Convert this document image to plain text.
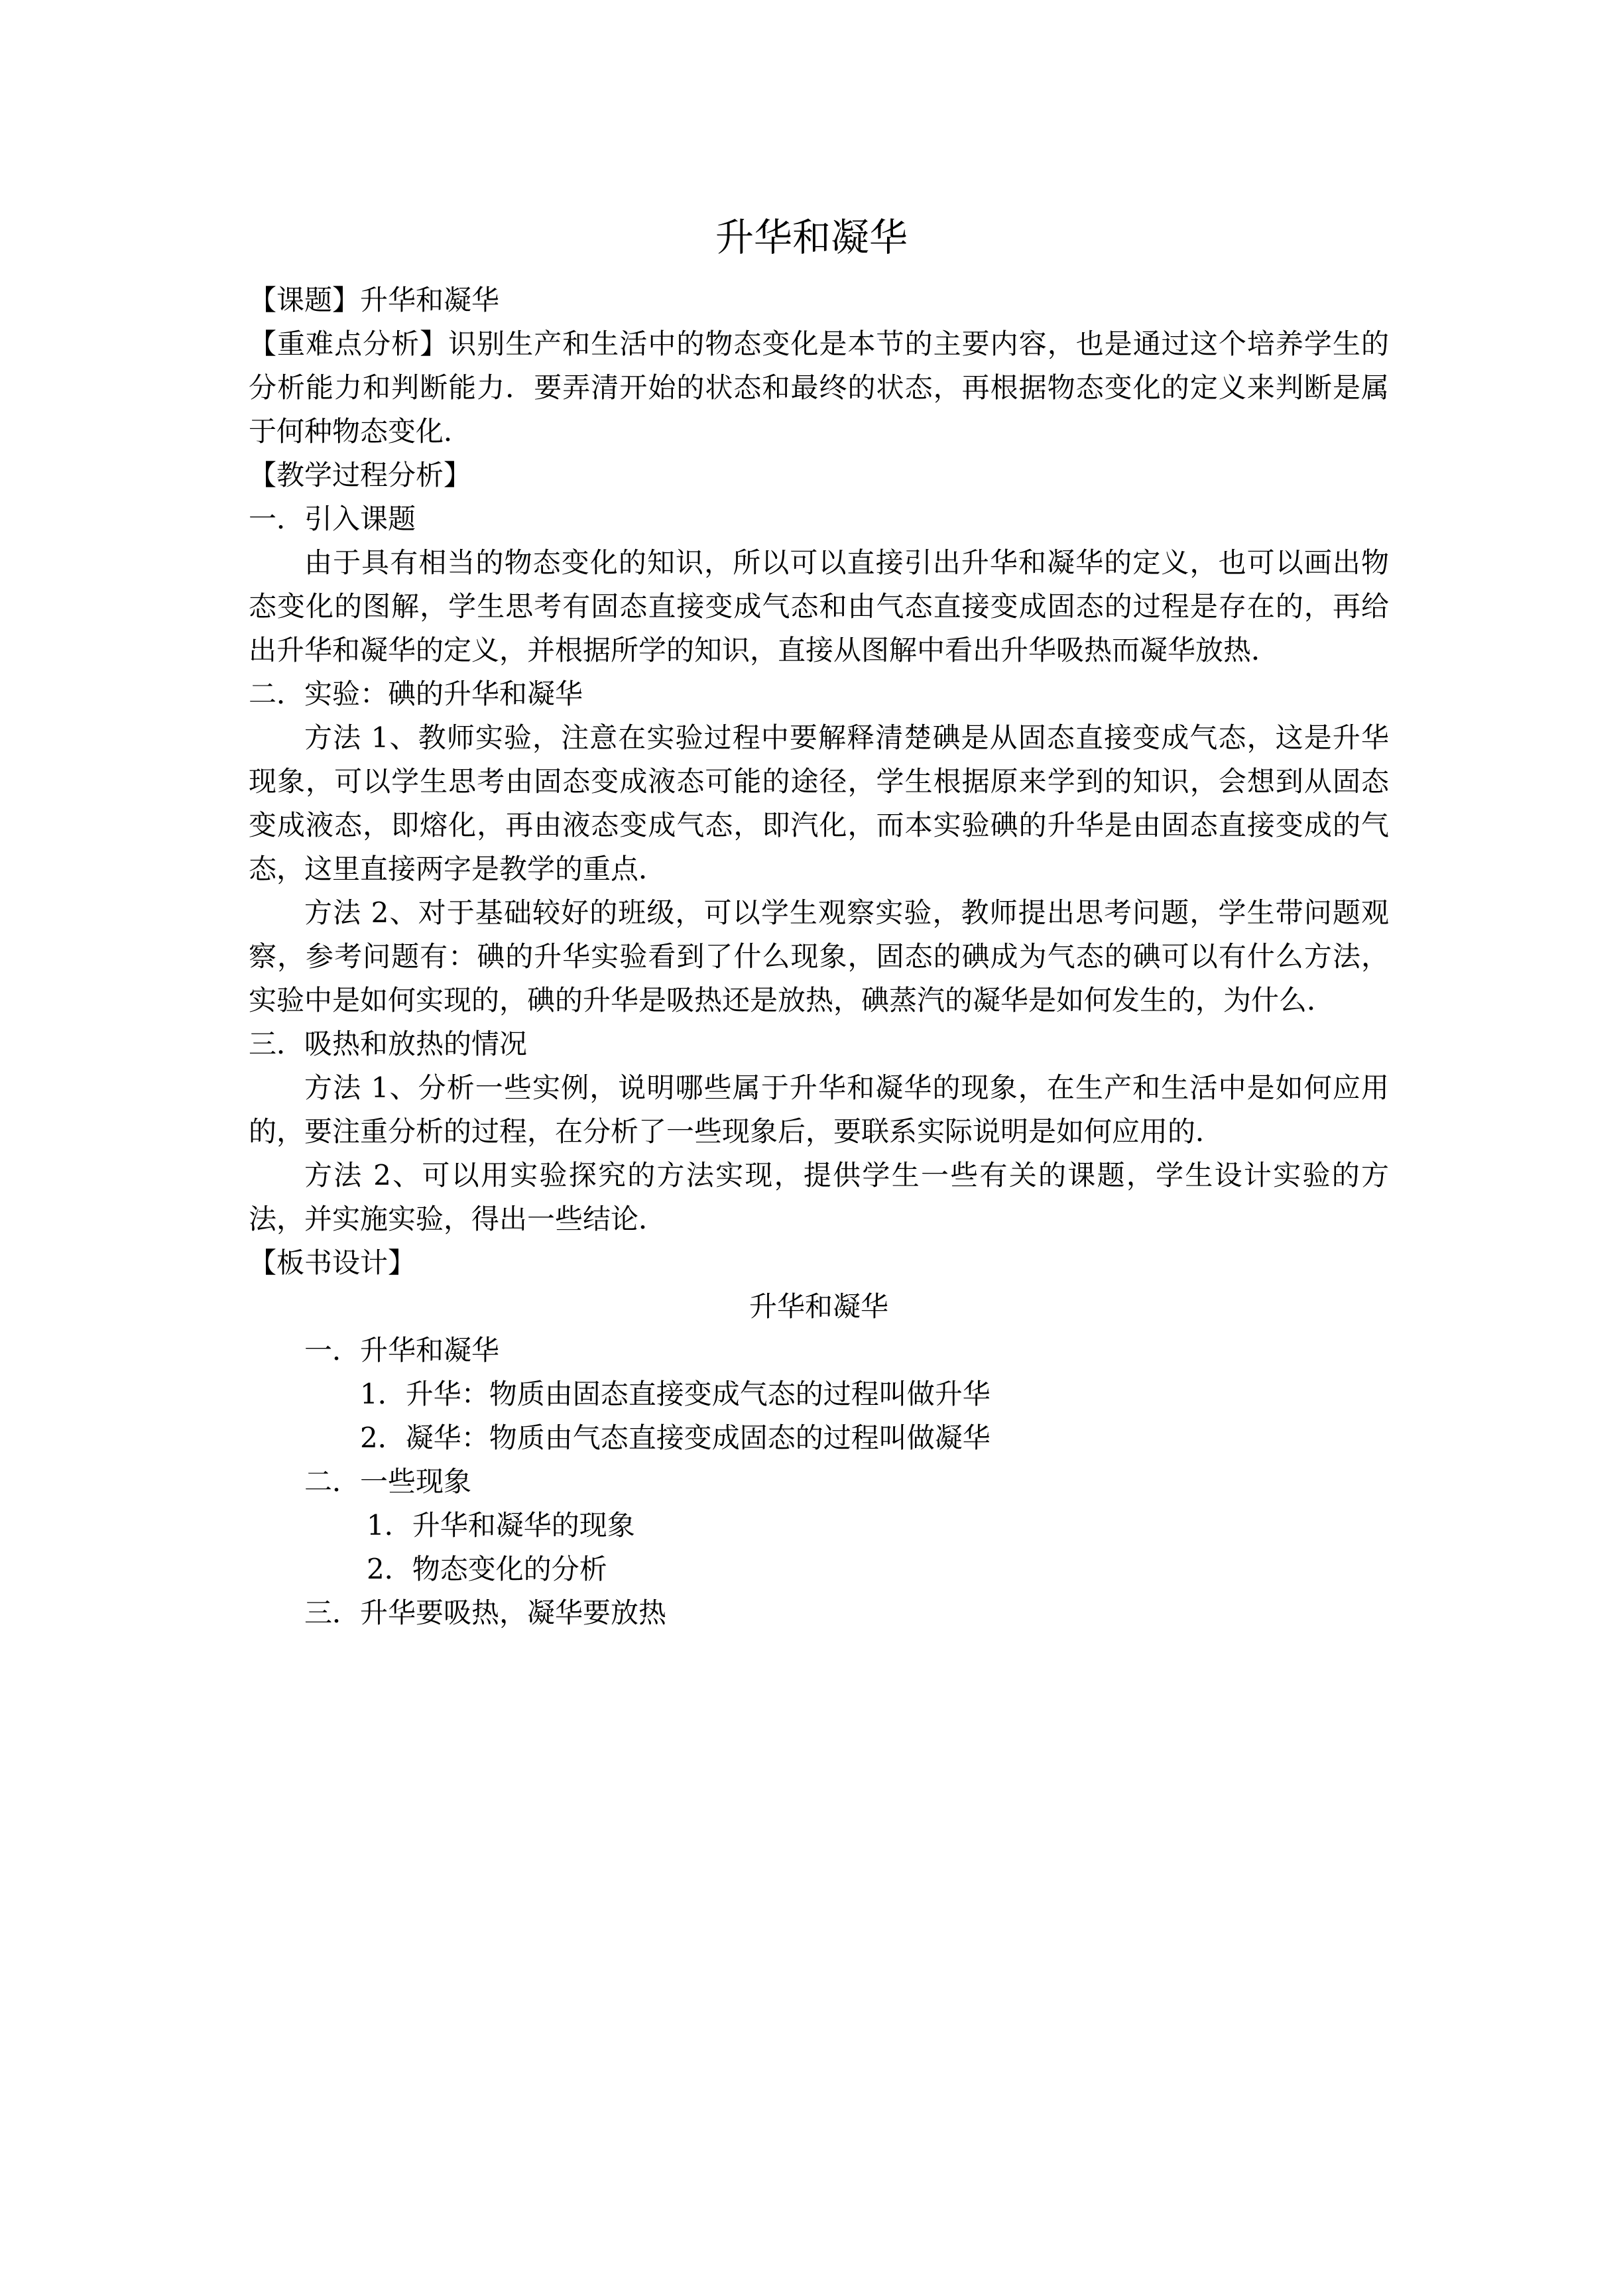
升华和凝华
【课题】升华和凝华
【重难点分析】识别生产和生活中的物态变化是本节的主要内容，也是通过这个培养学生的分析能力和判断能力．要弄清开始的状态和最终的状态，再根据物态变化的定义来判断是属于何种物态变化．
【教学过程分析】
一．引入课题
由于具有相当的物态变化的知识，所以可以直接引出升华和凝华的定义，也可以画出物态变化的图解，学生思考有固态直接变成气态和由气态直接变成固态的过程是存在的，再给出升华和凝华的定义，并根据所学的知识，直接从图解中看出升华吸热而凝华放热．
二．实验：碘的升华和凝华
方法 1、教师实验，注意在实验过程中要解释清楚碘是从固态直接变成气态，这是升华现象，可以学生思考由固态变成液态可能的途径，学生根据原来学到的知识，会想到从固态变成液态，即熔化，再由液态变成气态，即汽化，而本实验碘的升华是由固态直接变成的气态，这里直接两字是教学的重点．
方法 2、对于基础较好的班级，可以学生观察实验，教师提出思考问题，学生带问题观察，参考问题有：碘的升华实验看到了什么现象，固态的碘成为气态的碘可以有什么方法，实验中是如何实现的，碘的升华是吸热还是放热，碘蒸汽的凝华是如何发生的，为什么．
三．吸热和放热的情况
方法 1、分析一些实例，说明哪些属于升华和凝华的现象，在生产和生活中是如何应用的，要注重分析的过程，在分析了一些现象后，要联系实际说明是如何应用的．
方法 2、可以用实验探究的方法实现，提供学生一些有关的课题，学生设计实验的方法，并实施实验，得出一些结论．
【板书设计】
升华和凝华
一．升华和凝华
1．升华：物质由固态直接变成气态的过程叫做升华
2．凝华：物质由气态直接变成固态的过程叫做凝华
二．一些现象
1．升华和凝华的现象
2．物态变化的分析
三．升华要吸热，凝华要放热
